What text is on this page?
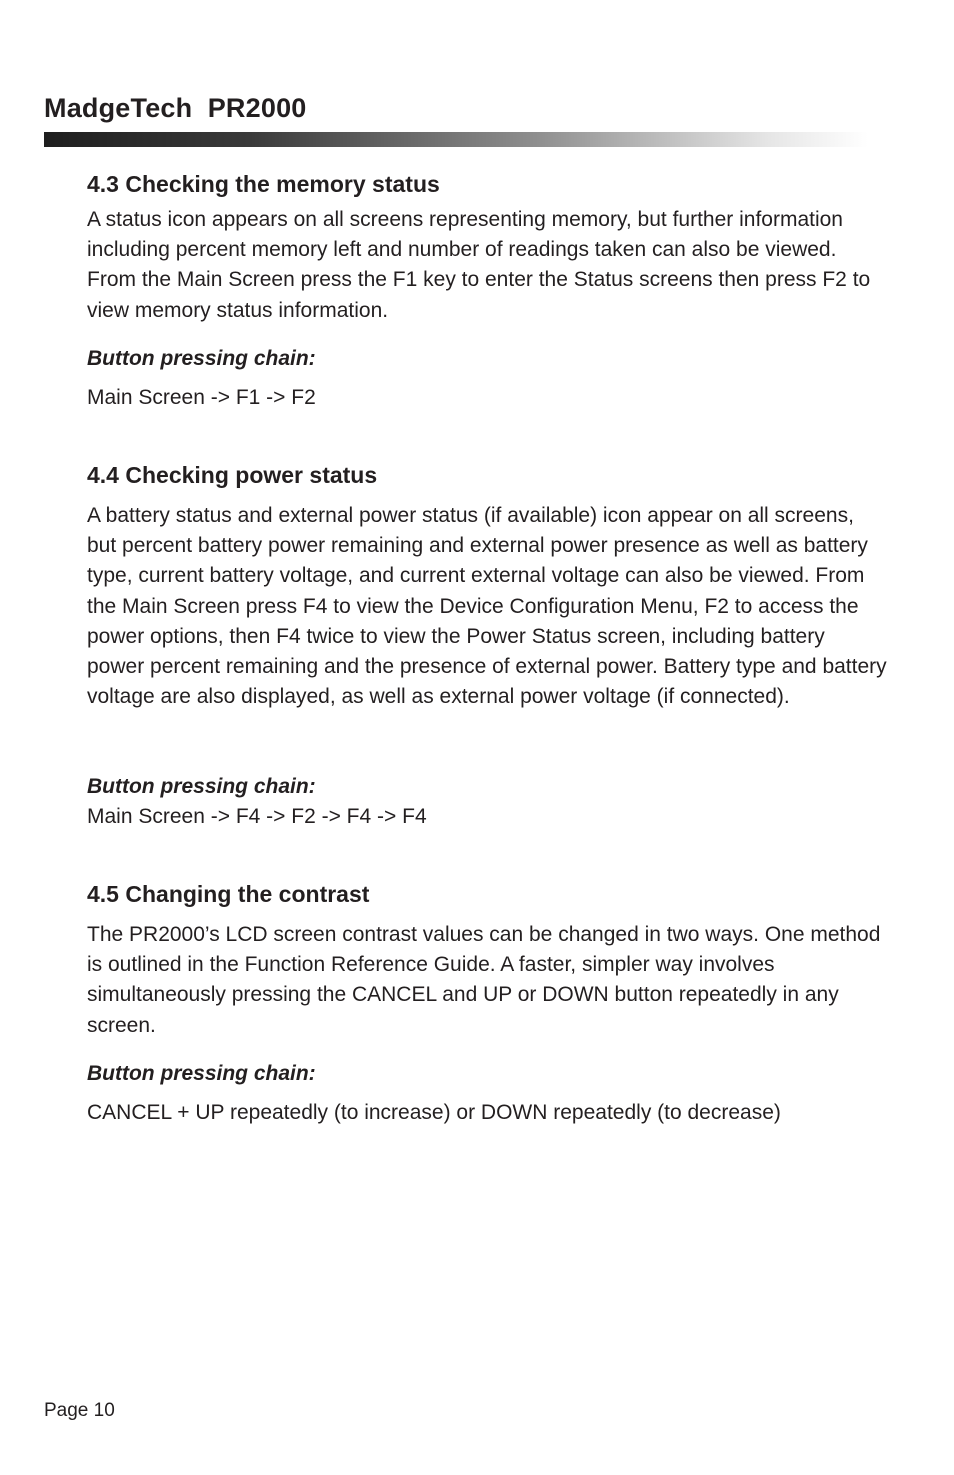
MadgeTech  PR2000
4.3 Checking the memory status

A status icon appears on all screens representing memory, but further information including percent memory left and number of readings taken can also be viewed. From the Main Screen press the F1 key to enter the Status screens then press F2 to view memory status information.

Button pressing chain:

Main Screen -> F1 -> F2

4.4 Checking power status

A battery status and external power status (if available) icon appear on all screens, but percent battery power remaining and external power presence as well as battery type, current battery voltage, and current external voltage can also be viewed. From the Main Screen press F4 to view the Device Configuration Menu, F2 to access the power options, then F4 twice to view the Power Status screen, including battery power percent remaining and the presence of external power. Battery type and battery voltage are also displayed, as well as external power voltage (if connected).

Button pressing chain:

Main Screen -> F4 -> F2 -> F4 -> F4

4.5 Changing the contrast

The PR2000’s LCD screen contrast values can be changed in two ways. One method is outlined in the Function Reference Guide. A faster, simpler way involves simultaneously pressing the CANCEL and UP or DOWN button repeatedly in any screen.

Button pressing chain:

CANCEL + UP repeatedly (to increase) or DOWN repeatedly (to decrease)

Page 10
